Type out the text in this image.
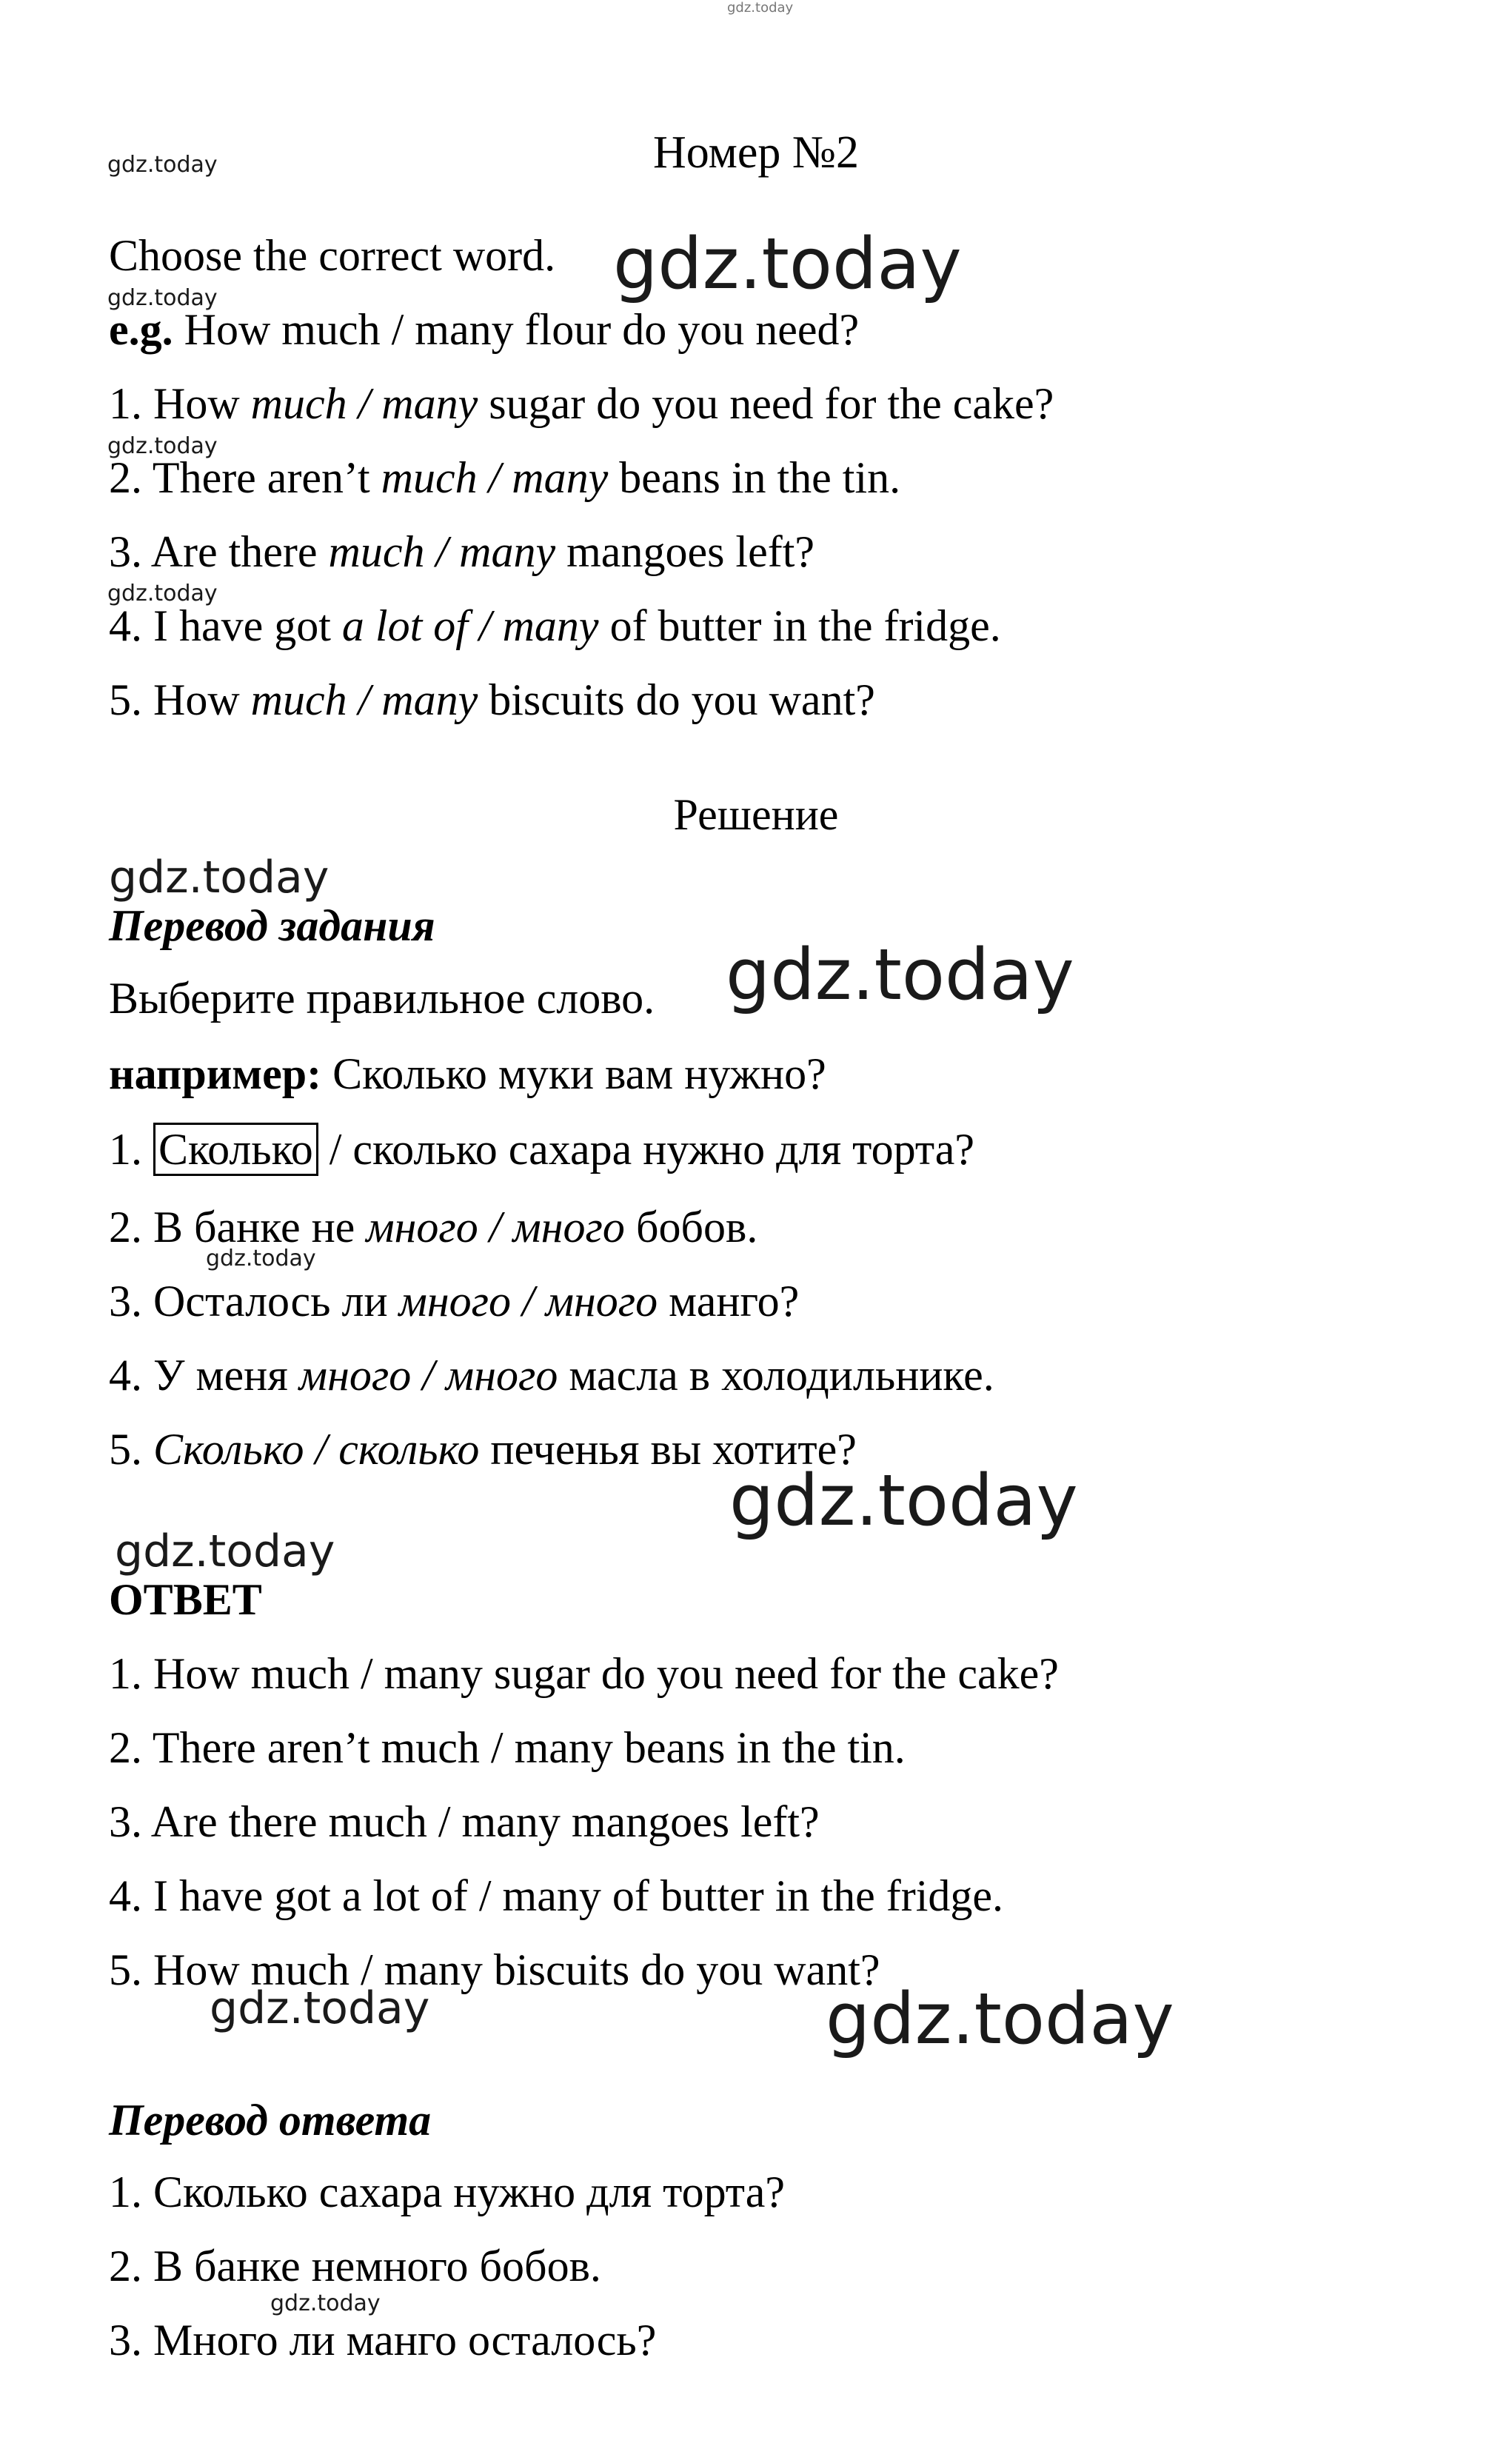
gdz.today
gdz.today
gdz.today
gdz.today
gdz.today
gdz.today
gdz.today
gdz.today
gdz.today
gdz.today
gdz.today
gdz.today	gdz.today
gdz.today
Номер №2
Choose the correct word.
e.g. How much / many flour do you need?
1. How much / many sugar do you need for the cake?
2. There aren’t much / many beans in the tin.
3. Are there much / many mangoes left?
4. I have got a lot of / many of butter in the fridge.
5. How much / many biscuits do you want?
Решение
Перевод задания
Выберите правильное слово.
например: Сколько муки вам нужно?
1. Сколько / сколько сахара нужно для торта?
2. В банке не много / много бобов.
3. Осталось ли много / много манго?
4. У меня много / много масла в холодильнике.
5. Сколько / сколько печенья вы хотите?
ОТВЕТ
1. How much / many sugar do you need for the cake?
2. There aren’t much / many beans in the tin.
3. Are there much / many mangoes left?
4. I have got a lot of / many of butter in the fridge.
5. How much / many biscuits do you want?
Перевод ответа
1. Сколько сахара нужно для торта?
2. В банке немного бобов.
3. Много ли манго осталось?
